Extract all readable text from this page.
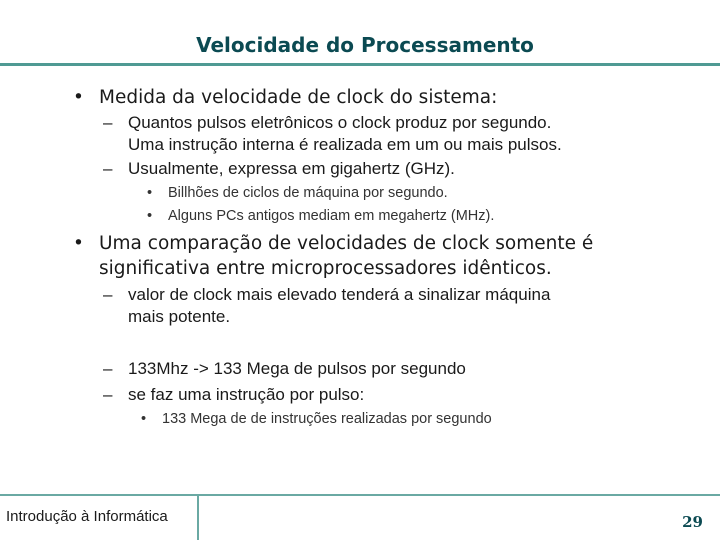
Velocidade do Processamento
• Medida da velocidade de clock do sistema:
– Quantos pulsos eletrônicos o clock produz por segundo.
Uma instrução interna é realizada em um ou mais pulsos.
– Usualmente, expressa em gigahertz (GHz).
• Billhões de ciclos de máquina por segundo.
• Alguns PCs antigos mediam em megahertz (MHz).
• Uma comparação de velocidades de clock somente é
significativa entre microprocessadores idênticos.
– valor de clock mais elevado tenderá a sinalizar máquina
mais potente.
– 133Mhz -> 133 Mega de pulsos por segundo
– se faz uma instrução por pulso:
• 133 Mega de de instruções realizadas por segundo
Introdução à Informática	29
